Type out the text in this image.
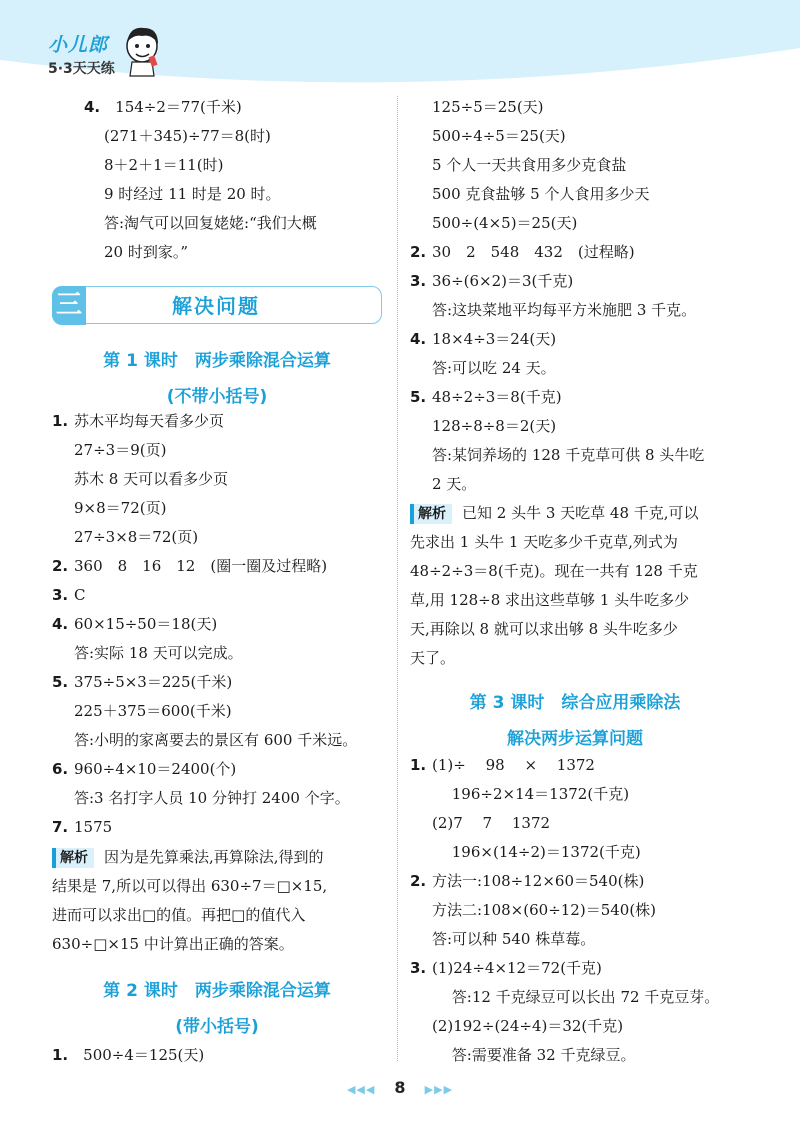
小儿郎
5·3天天练
4.　 154÷2＝77(千米)
(271＋345)÷77＝8(时)
8＋2＋1＝11(时)
9 时经过 11 时是 20 时。
答:淘气可以回复姥姥:“我们大概
20 时到家。”
第 1 课时　两步乘除混合运算
(不带小括号)
1. 苏木平均每天看多少页
27÷3＝9(页)
苏木 8 天可以看多少页
9×8＝72(页)
27÷3×8＝72(页)
2. 360　8　16　12　(圈一圈及过程略)
3. C
4. 60×15÷50＝18(天)
答:实际 18 天可以完成。
5. 375÷5×3＝225(千米)
225＋375＝600(千米)
答:小明的家离要去的景区有 600 千米远。
6. 960÷4×10＝2400(个)
答:3 名打字人员 10 分钟打 2400 个字。
7. 1575
解析 因为是先算乘法,再算除法,得到的
结果是 7,所以可以得出 630÷7＝□×15,
进而可以求出□的值。再把□的值代入
630÷□×15 中计算出正确的答案。
第 2 课时　两步乘除混合运算
(带小括号)
1.　 500÷4＝125(天)
三	解决问题
125÷5＝25(天)
500÷4÷5＝25(天)
5 个人一天共食用多少克食盐
500 克食盐够 5 个人食用多少天
500÷(4×5)＝25(天)
2. 30　2　548　432　(过程略)
3. 36÷(6×2)＝3(千克)
答:这块菜地平均每平方米施肥 3 千克。
4. 18×4÷3＝24(天)
答:可以吃 24 天。
5. 48÷2÷3＝8(千克)
128÷8÷8＝2(天)
答:某饲养场的 128 千克草可供 8 头牛吃
2 天。
解析 已知 2 头牛 3 天吃草 48 千克,可以
先求出 1 头牛 1 天吃多少千克草,列式为
48÷2÷3＝8(千克)。现在一共有 128 千克
草,用 128÷8 求出这些草够 1 头牛吃多少
天,再除以 8 就可以求出够 8 头牛吃多少
天了。
第 3 课时　综合应用乘除法
解决两步运算问题
1. (1)÷　 98　 ×　 1372
　 196÷2×14＝1372(千克)
(2)7　 7　 1372
　 196×(14÷2)＝1372(千克)
2. 方法一:108÷12×60＝540(株)
方法二:108×(60÷12)＝540(株)
答:可以种 540 株草莓。
3. (1)24÷4×12＝72(千克)
　 答:12 千克绿豆可以长出 72 千克豆芽。
(2)192÷(24÷4)＝32(千克)
　 答:需要准备 32 千克绿豆。
◀◀◀ 8 ▶▶▶
